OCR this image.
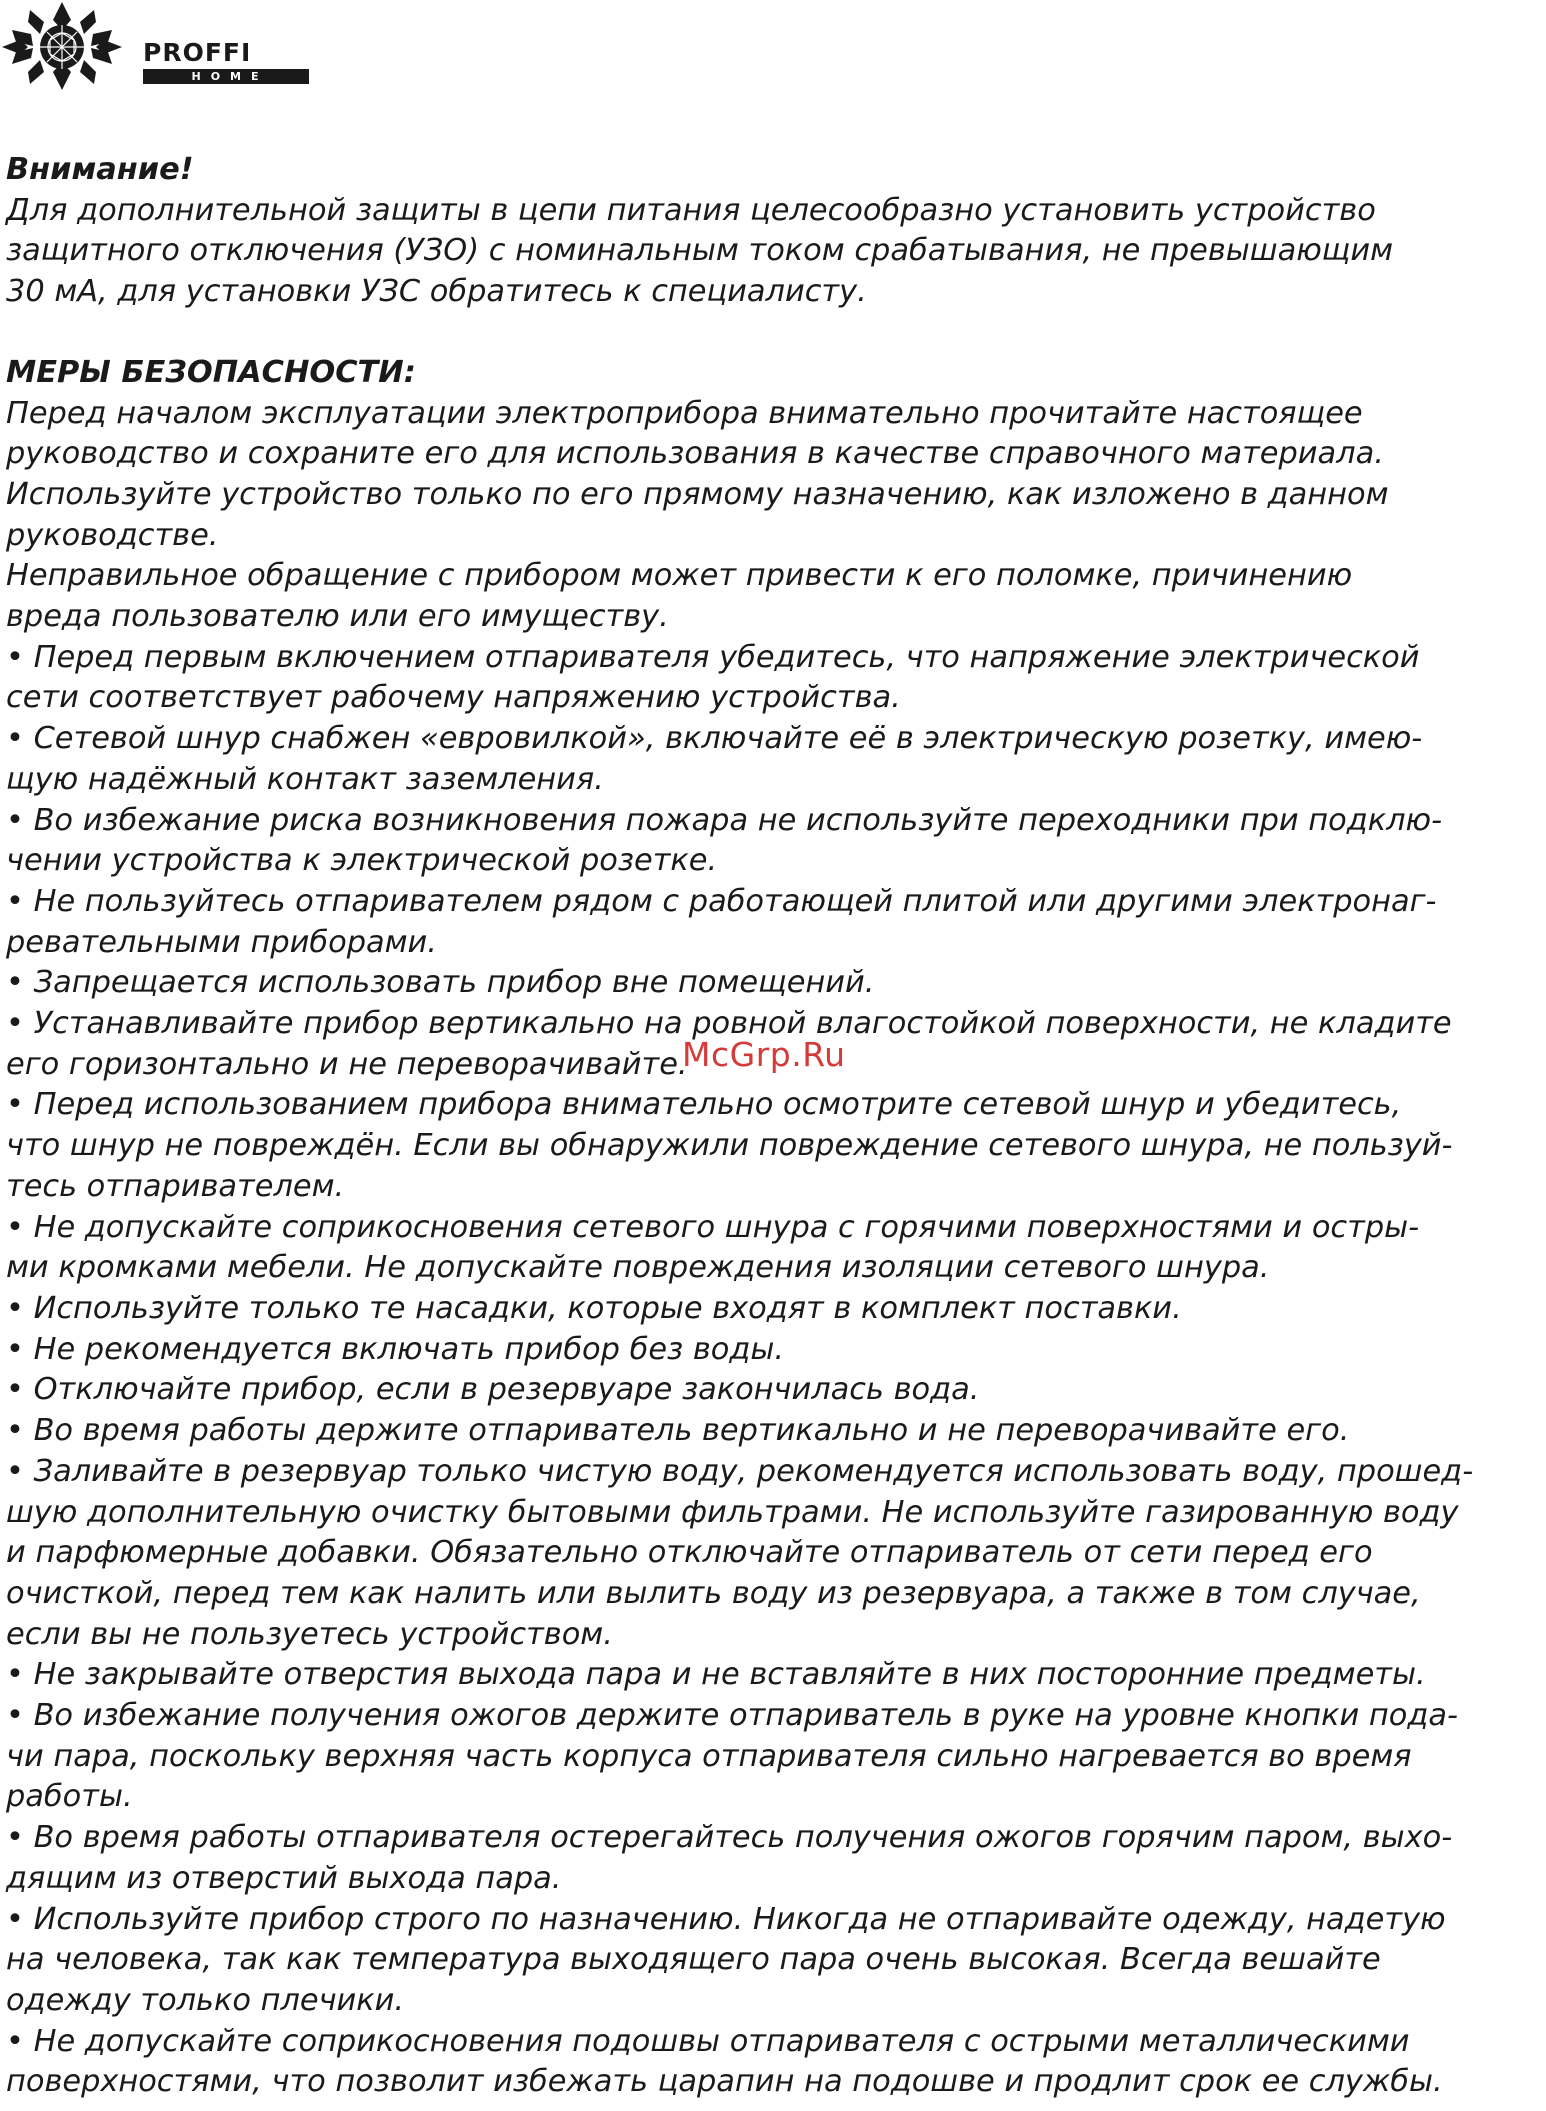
PROFFI
HOME

Внимание!

Для дополнительной защиты в цепи питания целесообразно установить устройство

защитного отключения (УЗО) с номинальным током срабатывания, не превышающим

30 мА, для установки УЗС обратитесь к специалисту.

МЕРЫ БЕЗОПАСНОСТИ:

Перед началом эксплуатации электроприбора внимательно прочитайте настоящее

руководство и сохраните его для использования в качестве справочного материала.

Используйте устройство только по его прямому назначению, как изложено в данном

руководстве.

Неправильное обращение с прибором может привести к его поломке, причинению

вреда пользователю или его имуществу.

• Перед первым включением отпаривателя убедитесь, что напряжение электрической

сети соответствует рабочему напряжению устройства.

• Сетевой шнур снабжен «евровилкой», включайте её в электрическую розетку, имею-

щую надёжный контакт заземления.

• Во избежание риска возникновения пожара не используйте переходники при подклю-

чении устройства к электрической розетке.

• Не пользуйтесь отпаривателем рядом с работающей плитой или другими электронаг-

ревательными приборами.

• Запрещается использовать прибор вне помещений.

• Устанавливайте прибор вертикально на ровной влагостойкой поверхности, не кладите

его горизонтально и не переворачивайте.

• Перед использованием прибора внимательно осмотрите сетевой шнур и убедитесь,

что шнур не повреждён. Если вы обнаружили повреждение сетевого шнура, не пользуй-

тесь отпаривателем.

• Не допускайте соприкосновения сетевого шнура с горячими поверхностями и остры-

ми кромками мебели. Не допускайте повреждения изоляции сетевого шнура.

• Используйте только те насадки, которые входят в комплект поставки.

• Не рекомендуется включать прибор без воды.

• Отключайте прибор, если в резервуаре закончилась вода.

• Во время работы держите отпариватель вертикально и не переворачивайте его.

• Заливайте в резервуар только чистую воду, рекомендуется использовать воду, прошед-

шую дополнительную очистку бытовыми фильтрами. Не используйте газированную воду

и парфюмерные добавки. Обязательно отключайте отпариватель от сети перед его

очисткой, перед тем как налить или вылить воду из резервуара, а также в том случае,

если вы не пользуетесь устройством.

• Не закрывайте отверстия выхода пара и не вставляйте в них посторонние предметы.

• Во избежание получения ожогов держите отпариватель в руке на уровне кнопки пода-

чи пара, поскольку верхняя часть корпуса отпаривателя сильно нагревается во время

работы.

• Во время работы отпаривателя остерегайтесь получения ожогов горячим паром, выхо-

дящим из отверстий выхода пара.

• Используйте прибор строго по назначению. Никогда не отпаривайте одежду, надетую

на человека, так как температура выходящего пара очень высокая. Всегда вешайте

одежду только плечики.

• Не допускайте соприкосновения подошвы отпаривателя с острыми металлическими

поверхностями, что позволит избежать царапин на подошве и продлит срок ее службы.

McGrp.Ru
